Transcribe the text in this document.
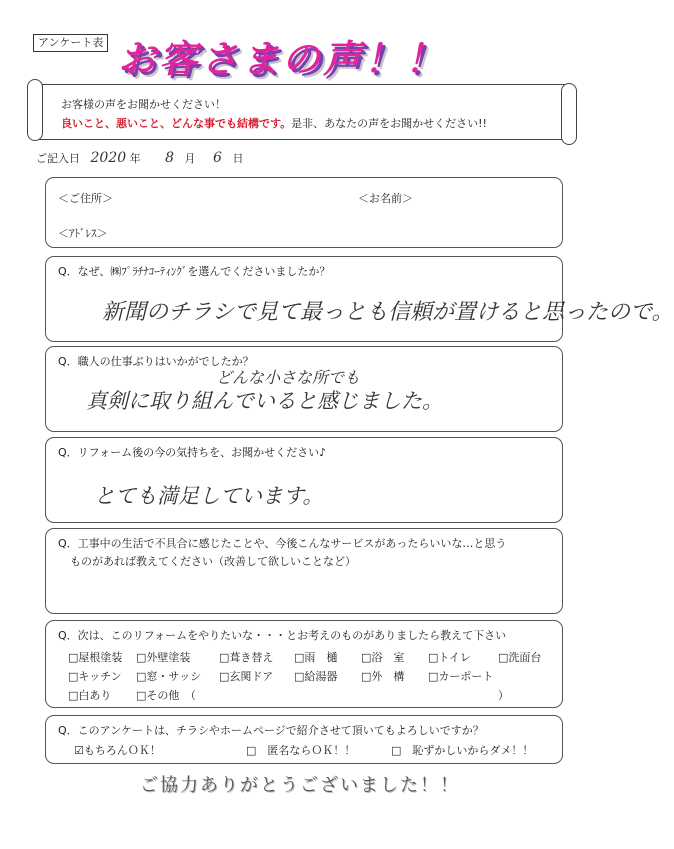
アンケート表 お客さまの声！！
お客様の声をお聞かせください！
良いこと、悪いこと、どんな事でも結構です。是非、あなたの声をお聞かせください!!
ご記入日 2020 年 8 月 6 日
＜ご住所＞	＜お名前＞
＜ｱﾄﾞﾚｽ＞
Q．なぜ、㈱ﾌﾟﾗﾁﾅｺｰﾃｨﾝｸﾞを選んでくださいましたか？
新聞のチラシで見て最っとも信頼が置けると思ったので。
Q．職人の仕事ぶりはいかがでしたか？
どんな小さな所でも
真剣に取り組んでいると感じました。
Q．リフォーム後の今の気持ちを、お聞かせください♪
とても満足しています。
Q．工事中の生活で不具合に感じたことや、今後こんなサービスがあったらいいな…と思う
ものがあれば教えてください（改善して欲しいことなど）
Q．次は、このリフォームをやりたいな・・・とお考えのものがありましたら教えて下さい
□屋根塗装 □外壁塗装	□葺き替え □雨　樋 □浴　室 □トイレ □洗面台
□キッチン □窓・サッシ □玄関ドア □給湯器 □外　構 □カーポート
□白あり □その他　（	）
Q．このアンケートは、チラシやホームページで紹介させて頂いてもよろしいですか？
☑もちろんＯＫ！	□　匿名ならＯＫ！！	□　恥ずかしいからダメ！！
ご協力ありがとうございました！！
